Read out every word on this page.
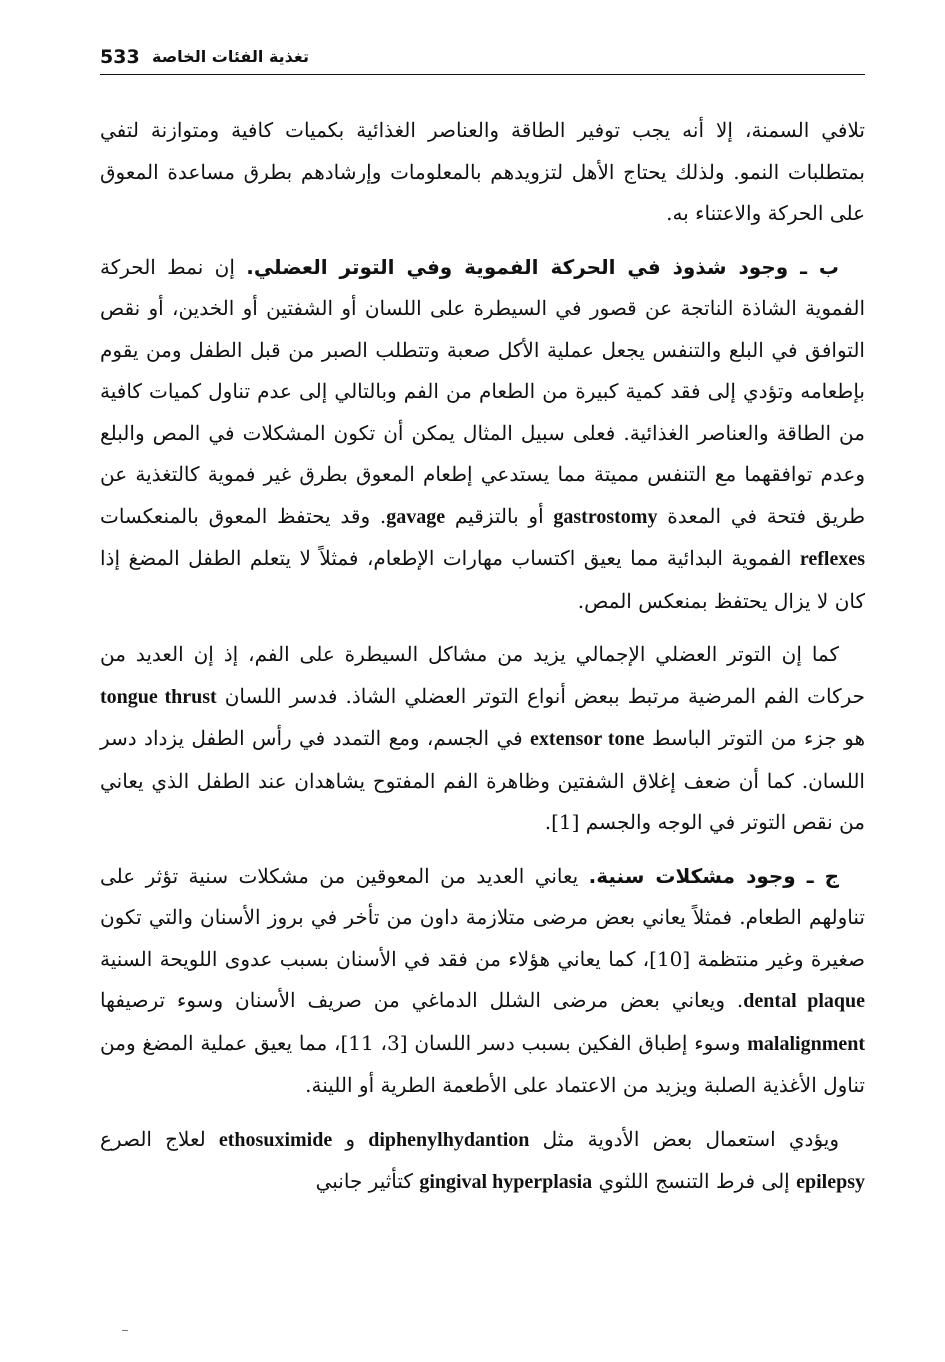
533 تغذية الفئات الخاصة

تلافي السمنة، إلا أنه يجب توفير الطاقة والعناصر الغذائية بكميات كافية ومتوازنة لتفي بمتطلبات النمو. ولذلك يحتاج الأهل لتزويدهم بالمعلومات وإرشادهم بطرق مساعدة المعوق على الحركة والاعتناء به.

ب ـ وجود شذوذ في الحركة الفموية وفي التوتر العضلي. إن نمط الحركة الفموية الشاذة الناتجة عن قصور في السيطرة على اللسان أو الشفتين أو الخدين، أو نقص التوافق في البلع والتنفس يجعل عملية الأكل صعبة وتتطلب الصبر من قبل الطفل ومن يقوم بإطعامه وتؤدي إلى فقد كمية كبيرة من الطعام من الفم وبالتالي إلى عدم تناول كميات كافية من الطاقة والعناصر الغذائية. فعلى سبيل المثال يمكن أن تكون المشكلات في المص والبلع وعدم توافقهما مع التنفس مميتة مما يستدعي إطعام المعوق بطرق غير فموية كالتغذية عن طريق فتحة في المعدة gastrostomy أو بالتزقيم gavage. وقد يحتفظ المعوق بالمنعكسات reflexes الفموية البدائية مما يعيق اكتساب مهارات الإطعام، فمثلاً لا يتعلم الطفل المضغ إذا كان لا يزال يحتفظ بمنعكس المص.

كما إن التوتر العضلي الإجمالي يزيد من مشاكل السيطرة على الفم، إذ إن العديد من حركات الفم المرضية مرتبط ببعض أنواع التوتر العضلي الشاذ. فدسر اللسان tongue thrust هو جزء من التوتر الباسط extensor tone في الجسم، ومع التمدد في رأس الطفل يزداد دسر اللسان. كما أن ضعف إغلاق الشفتين وظاهرة الفم المفتوح يشاهدان عند الطفل الذي يعاني من نقص التوتر في الوجه والجسم [1].

ج ـ وجود مشكلات سنية. يعاني العديد من المعوقين من مشكلات سنية تؤثر على تناولهم الطعام. فمثلاً يعاني بعض مرضى متلازمة داون من تأخر في بروز الأسنان والتي تكون صغيرة وغير منتظمة [10]، كما يعاني هؤلاء من فقد في الأسنان بسبب عدوى اللويحة السنية dental plaque. ويعاني بعض مرضى الشلل الدماغي من صريف الأسنان وسوء ترصيفها malalignment وسوء إطباق الفكين بسبب دسر اللسان [3، 11]، مما يعيق عملية المضغ ومن تناول الأغذية الصلبة ويزيد من الاعتماد على الأطعمة الطرية أو اللينة.

ويؤدي استعمال بعض الأدوية مثل diphenylhydantion و ethosuximide لعلاج الصرع epilepsy إلى فرط التنسج اللثوي gingival hyperplasia كتأثير جانبي
